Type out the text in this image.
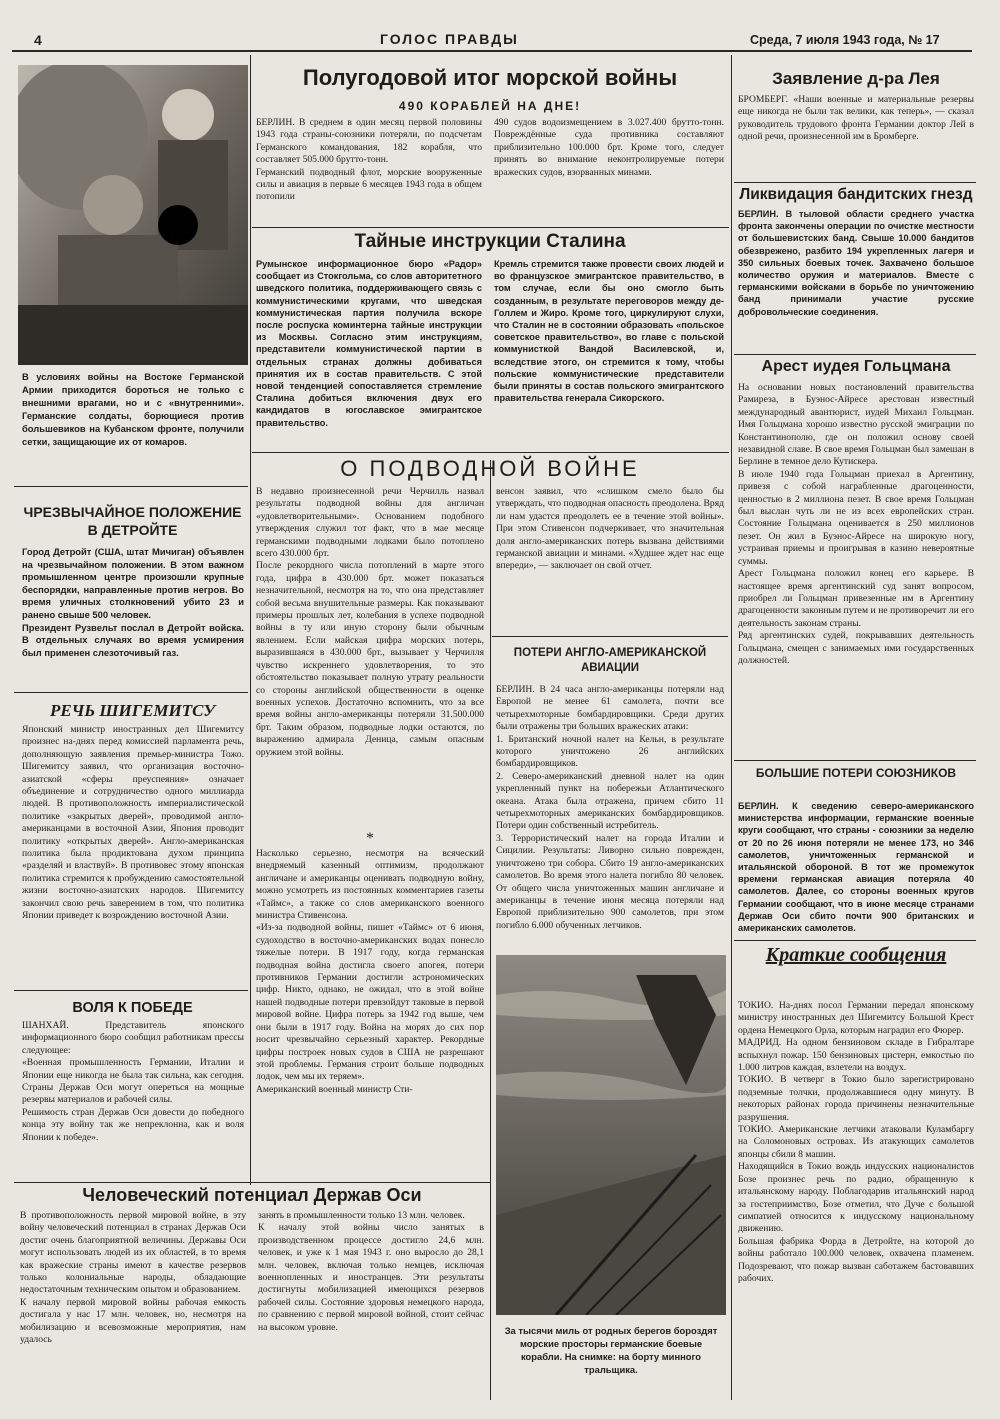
4	ГОЛОС ПРАВДЫ	Среда, 7 июля 1943 года, № 17
В условиях войны на Востоке Германской Армии приходится бороться не только с внешними врагами, но и с «внутренними». Германские солдаты, борющиеся против большевиков на Кубанском фронте, получили сетки, защищающие их от комаров.
ЧРЕЗВЫЧАЙНОЕ ПОЛОЖЕНИЕ В ДЕТРОЙТЕ
Город Детройт (США, штат Мичиган) объявлен на чрезвычайном положении. В этом важном промышленном центре произошли крупные беспорядки, направленные против негров. Во время уличных столкновений убито 23 и ранено свыше 500 человек.
Президент Рузвельт послал в Детройт войска. В отдельных случаях во время усмирения был применен слезоточивый газ.
РЕЧЬ ШИГЕМИТСУ
Японский министр иностранных дел Шигемитсу произнес на-днях перед комиссией парламента речь, дополняющую заявления премьер-министра Тожо. Шигемитсу заявил, что организация восточно-азиатской «сферы преуспеяния» означает объединение и сотрудничество одного миллиарда людей. В противоположность империалистической политике «закрытых дверей», проводимой англо-американцами в восточной Азии, Япония проводит политику «открытых дверей». Англо-американская политика была продиктована духом принципа «разделяй и властвуй». В противовес этому японская политика стремится к пробуждению самостоятельной жизни восточно-азиатских народов. Шигемитсу закончил свою речь заверением в том, что политика Японии приведет к возрождению восточной Азии.
ВОЛЯ К ПОБЕДЕ
ШАНХАЙ. Представитель японского информационного бюро сообщил работникам прессы следующее:
«Военная промышленность Германии, Италии и Японии еще никогда не была так сильна, как сегодня. Страны Держав Оси могут опереться на мощные резервы материалов и рабочей силы.
Решимость стран Держав Оси довести до победного конца эту войну так же непреклонна, как и воля Японии к победе».
Полугодовой итог морской войны
490 КОРАБЛЕЙ НА ДНЕ!
БЕРЛИН. В среднем в один месяц первой половины 1943 года страны-союзники потеряли, по подсчетам Германского командования, 182 корабля, что составляет 505.000 брутто-тонн.
Германский подводный флот, морские вооруженные силы и авиация в первые 6 месяцев 1943 года в общем потопили
490 судов водоизмещением в 3.027.400 брутто-тонн. Повреждённые суда противника составляют приблизительно 100.000 брт. Кроме того, следует принять во внимание неконтролируемые потери вражеских судов, взорванных минами.
Тайные инструкции Сталина
Румынское информационное бюро «Радор» сообщает из Стокгольма, со слов авторитетного шведского политика, поддерживающего связь с коммунистическими кругами, что шведская коммунистическая партия получила вскоре после роспуска коминтерна тайные инструкции из Москвы. Согласно этим инструкциям, представители коммунистической партии в отдельных странах должны добиваться принятия их в состав правительств. С этой новой тенденцией сопоставляется стремление Сталина добиться включения двух его кандидатов в югославское эмигрантское правительство.
Кремль стремится также провести своих людей и во французское эмигрантское правительство, в том случае, если бы оно смогло быть созданным, в результате переговоров между де-Голлем и Жиро. Кроме того, циркулируют слухи, что Сталин не в состоянии образовать «польское советское правительство», во главе с польской коммунисткой Вандой Василевской, и, вследствие этого, он стремится к тому, чтобы польские коммунистические представители были приняты в состав польского эмигрантского правительства генерала Сикорского.
О ПОДВОДНОЙ ВОЙНЕ
В недавно произнесенной речи Черчилль назвал результаты подводной войны для англичан «удовлетворительными». Основанием подобного утверждения служил тот факт, что в мае месяце германскими подводными лодками было потоплено всего 430.000 брт.
После рекордного числа потоплений в марте этого года, цифра в 430.000 брт. может показаться незначительной, несмотря на то, что она представляет собой весьма внушительные размеры. Как показывают примеры прошлых лет, колебания в успехе подводной войны в ту или иную сторону были обычным явлением. Если майская цифра морских потерь, выразившаяся в 430.000 брт., вызывает у Черчилля чувство искреннего удовлетворения, то это обстоятельство показывает полную утрату реальности со стороны английской общественности в оценке военных успехов. Достаточно вспомнить, что за все время войны англо-американцы потеряли 31.500.000 брт. Таким образом, подводные лодки остаются, по выражению адмирала Деница, самым опасным оружием этой войны.
*
Насколько серьезно, несмотря на всяческий внедряемый казенный оптимизм, продолжают англичане и американцы оценивать подводную войну, можно усмотреть из постоянных комментариев газеты «Таймс», а также со слов американского военного министра Стивенсона.
«Из-за подводной войны, пишет «Таймс» от 6 июня, судоходство в восточно-американских водах понесло тяжелые потери. В 1917 году, когда германская подводная война достигла своего апогея, потери противников Германии достигли астрономических цифр. Никто, однако, не ожидал, что в этой войне нашей подводные потери превзойдут таковые в первой мировой войне. Цифра потерь за 1942 год выше, чем они были в 1917 году. Война на морях до сих пор носит чрезвычайно серьезный характер. Рекордные цифры построек новых судов в США не разрешают этой проблемы. Германия строит больше подводных лодок, чем мы их теряем».
Американский военный министр Сти-
венсон заявил, что «слишком смело было бы утверждать, что подводная опасность преодолена. Вряд ли нам удастся преодолеть ее в течение этой войны». При этом Стивенсон подчеркивает, что значительная доля англо-американских потерь вызвана действиями германской авиации и минами. «Худшее ждет нас еще впереди», — заключает он свой отчет.
ПОТЕРИ АНГЛО-АМЕРИКАНСКОЙ АВИАЦИИ
БЕРЛИН. В 24 часа англо-американцы потеряли над Европой не менее 61 самолета, почти все четырехмоторные бомбардировщики. Среди других были отражены три больших вражеских атаки:
1. Британский ночной налет на Кельн, в результате которого уничтожено 26 английских бомбардировщиков.
2. Северо-американский дневной налет на один укрепленный пункт на побережьи Атлантического океана. Атака была отражена, причем сбито 11 четырехмоторных американских бомбардировщиков. Потери один собственный истребитель.
3. Террористический налет на города Италии и Сицилии. Результаты: Ливорно сильно поврежден, уничтожено три собора. Сбито 19 англо-американских самолетов. Во время этого налета погибло 80 человек. От общего числа уничтоженных машин англичане и американцы в течение июня месяца потеряли над Европой приблизительно 900 самолетов, при этом погибло 6.000 обученных летчиков.
За тысячи миль от родных берегов бороздят морские просторы германские боевые корабли. На снимке: на борту минного тральщика.
Человеческий потенциал Держав Оси
В противоположность первой мировой войне, в эту войну человеческий потенциал в странах Держав Оси достиг очень благоприятной величины. Державы Оси могут использовать людей из их областей, в то время как вражеские страны имеют в качестве резервов только колониальные народы, обладающие недостаточным техническим опытом и образованием.
К началу первой мировой войны рабочая емкость достигала у нас 17 млн. человек, но, несмотря на мобилизацию и всевозможные мероприятия, нам удалось
занять в промышленности только 13 млн. человек.
К началу этой войны число занятых в производственном процессе достигло 24,6 млн. человек, и уже к 1 мая 1943 г. оно выросло до 28,1 млн. человек, включая только немцев, исключая военнопленных и иностранцев. Эти результаты достигнуты мобилизацией имеющихся резервов рабочей силы. Состояние здоровья немецкого народа, по сравнению с первой мировой войной, стоит сейчас на высоком уровне.
Заявление д-ра Лея
БРОМБЕРГ. «Наши военные и материальные резервы еще никогда не были так велики, как теперь», — сказал руководитель трудового фронта Германии доктор Лей в одной речи, произнесенной им в Бромберге.
Ликвидация бандитских гнезд
БЕРЛИН. В тыловой области среднего участка фронта закончены операции по очистке местности от большевистских банд. Свыше 10.000 бандитов обезврежено, разбито 194 укрепленных лагеря и 350 сильных боевых точек. Захвачено большое количество оружия и материалов. Вместе с германскими войсками в борьбе по уничтожению банд принимали участие русские добровольческие соединения.
Арест иудея Гольцмана
На основании новых постановлений правительства Рамиреза, в Буэнос-Айресе арестован известный международный авантюрист, иудей Михаил Гольцман. Имя Гольцмана хорошо известно русской эмиграции по Константинополю, где он положил основу своей незавидной славе. В свое время Гольцман был замешан в Берлине в темное дело Кутискера.
В июле 1940 года Гольцман приехал в Аргентину, привезя с собой награбленные драгоценности, ценностью в 2 миллиона пезет. В свое время Гольцман был выслан чуть ли не из всех европейских стран. Состояние Гольцмана оценивается в 250 миллионов пезет. Он жил в Буэнос-Айресе на широкую ногу, устраивая приемы и проигрывая в казино невероятные суммы.
Арест Гольцмана положил конец его карьере. В настоящее время аргентинский суд занят вопросом, приобрел ли Гольцман привезенные им в Аргентину драгоценности законным путем и не противоречит ли его деятельность законам страны.
Ряд аргентинских судей, покрывавших деятельность Гольцмана, смещен с занимаемых ими государственных должностей.
БОЛЬШИЕ ПОТЕРИ СОЮЗНИКОВ
БЕРЛИН. К сведению северо-американского министерства информации, германские военные круги сообщают, что страны - союзники за неделю от 20 по 26 июня потеряли не менее 173, но 346 самолетов, уничтоженных германской и итальянской обороной. В тот же промежуток времени германская авиация потеряла 40 самолетов. Далее, со стороны военных кругов Германии сообщают, что в июне месяце странами Держав Оси сбито почти 900 британских и американских самолетов.
Краткие сообщения
ТОКИО. На-днях посол Германии передал японскому министру иностранных дел Шигемитсу Большой Крест ордена Немецкого Орла, которым наградил его Фюрер.
МАДРИД. На одном бензиновом складе в Гибралтаре вспыхнул пожар. 150 бензиновых цистерн, емкостью по 1.000 литров каждая, взлетели на воздух.
ТОКИО. В четверг в Токио было зарегистрировано подземные толчки, продолжавшиеся одну минуту. В некоторых районах города причинены незначительные разрушения.
ТОКИО. Американские летчики атаковали Куламбаргу на Соломоновых островах. Из атакующих самолетов японцы сбили 8 машин.
Находящийся в Токио вождь индусских националистов Бозе произнес речь по радио, обращенную к итальянскому народу. Поблагодарив итальянский народ за гостеприимство, Бозе отметил, что Дуче с большой симпатией относится к индусскому национальному движению.
Большая фабрика Форда в Детройте, на которой до войны работало 100.000 человек, охвачена пламенем. Подозревают, что пожар вызван саботажем бастовавших рабочих.
